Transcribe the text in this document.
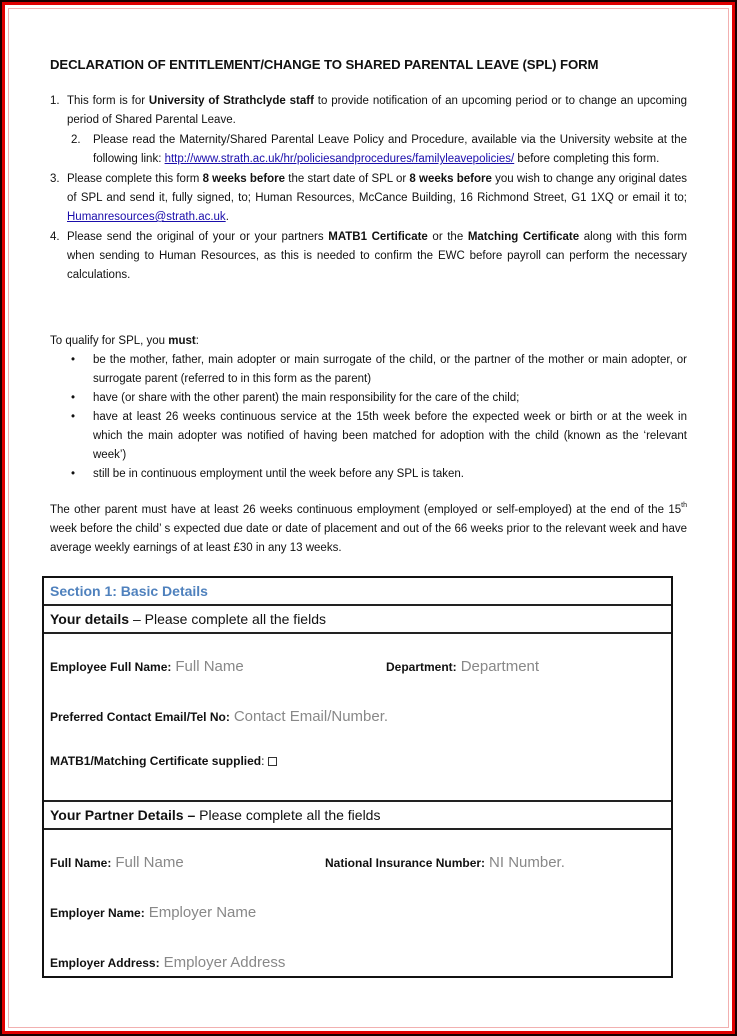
DECLARATION OF ENTITLEMENT/CHANGE TO SHARED PARENTAL LEAVE (SPL) FORM
1. This form is for University of Strathclyde staff to provide notification of an upcoming period or to change an upcoming period of Shared Parental Leave.
2. Please read the Maternity/Shared Parental Leave Policy and Procedure, available via the University website at the following link: http://www.strath.ac.uk/hr/policiesandprocedures/familyleavepolicies/ before completing this form.
3. Please complete this form 8 weeks before the start date of SPL or 8 weeks before you wish to change any original dates of SPL and send it, fully signed, to; Human Resources, McCance Building, 16 Richmond Street, G1 1XQ or email it to; Humanresources@strath.ac.uk.
4. Please send the original of your or your partners MATB1 Certificate or the Matching Certificate along with this form when sending to Human Resources, as this is needed to confirm the EWC before payroll can perform the necessary calculations.
To qualify for SPL, you must:
• be the mother, father, main adopter or main surrogate of the child, or the partner of the mother or main adopter, or surrogate parent (referred to in this form as the parent)
• have (or share with the other parent) the main responsibility for the care of the child;
• have at least 26 weeks continuous service at the 15th week before the expected week or birth or at the week in which the main adopter was notified of having been matched for adoption with the child (known as the ‘relevant week’)
• still be in continuous employment until the week before any SPL is taken.
The other parent must have at least 26 weeks continuous employment (employed or self-employed) at the end of the 15th week before the child’ s expected due date or date of placement and out of the 66 weeks prior to the relevant week and have average weekly earnings of at least £30 in any 13 weeks.
Section 1: Basic Details
Your details – Please complete all the fields
Employee Full Name: Full Name	Department: Department
Preferred Contact Email/Tel No: Contact Email/Number.
MATB1/Matching Certificate supplied:
Your Partner Details – Please complete all the fields
Full Name: Full Name	National Insurance Number: NI Number.
Employer Name: Employer Name
Employer Address: Employer Address
